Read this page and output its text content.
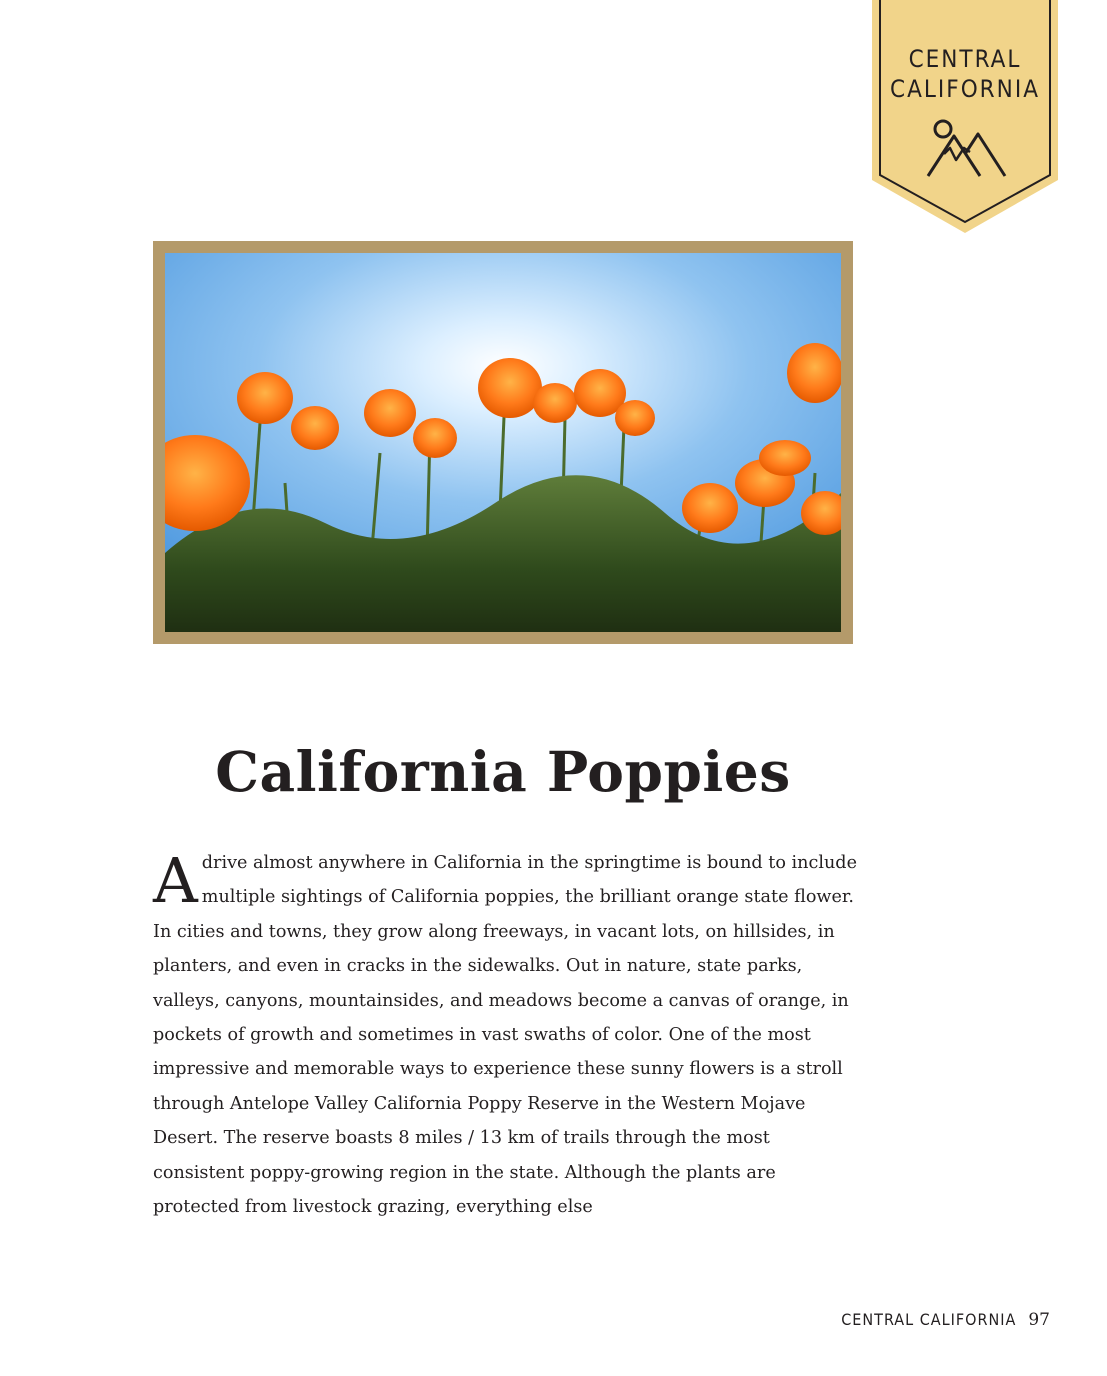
CENTRAL
CALIFORNIA
California Poppies

Adrive almost anywhere in California in the springtime is bound to include multiple sightings of California poppies, the brilliant orange state flower. In cities and towns, they grow along freeways, in vacant lots, on hillsides, in planters, and even in cracks in the sidewalks. Out in nature, state parks, valleys, canyons, mountainsides, and meadows become a canvas of orange, in pockets of growth and sometimes in vast swaths of color. One of the most impressive and memorable ways to experience these sunny flowers is a stroll through Antelope Valley California Poppy Reserve in the Western Mojave Desert. The reserve boasts 8 miles / 13 km of trails through the most consistent poppy-growing region in the state. Although the plants are protected from livestock grazing, everything else

CENTRAL CALIFORNIA 97
